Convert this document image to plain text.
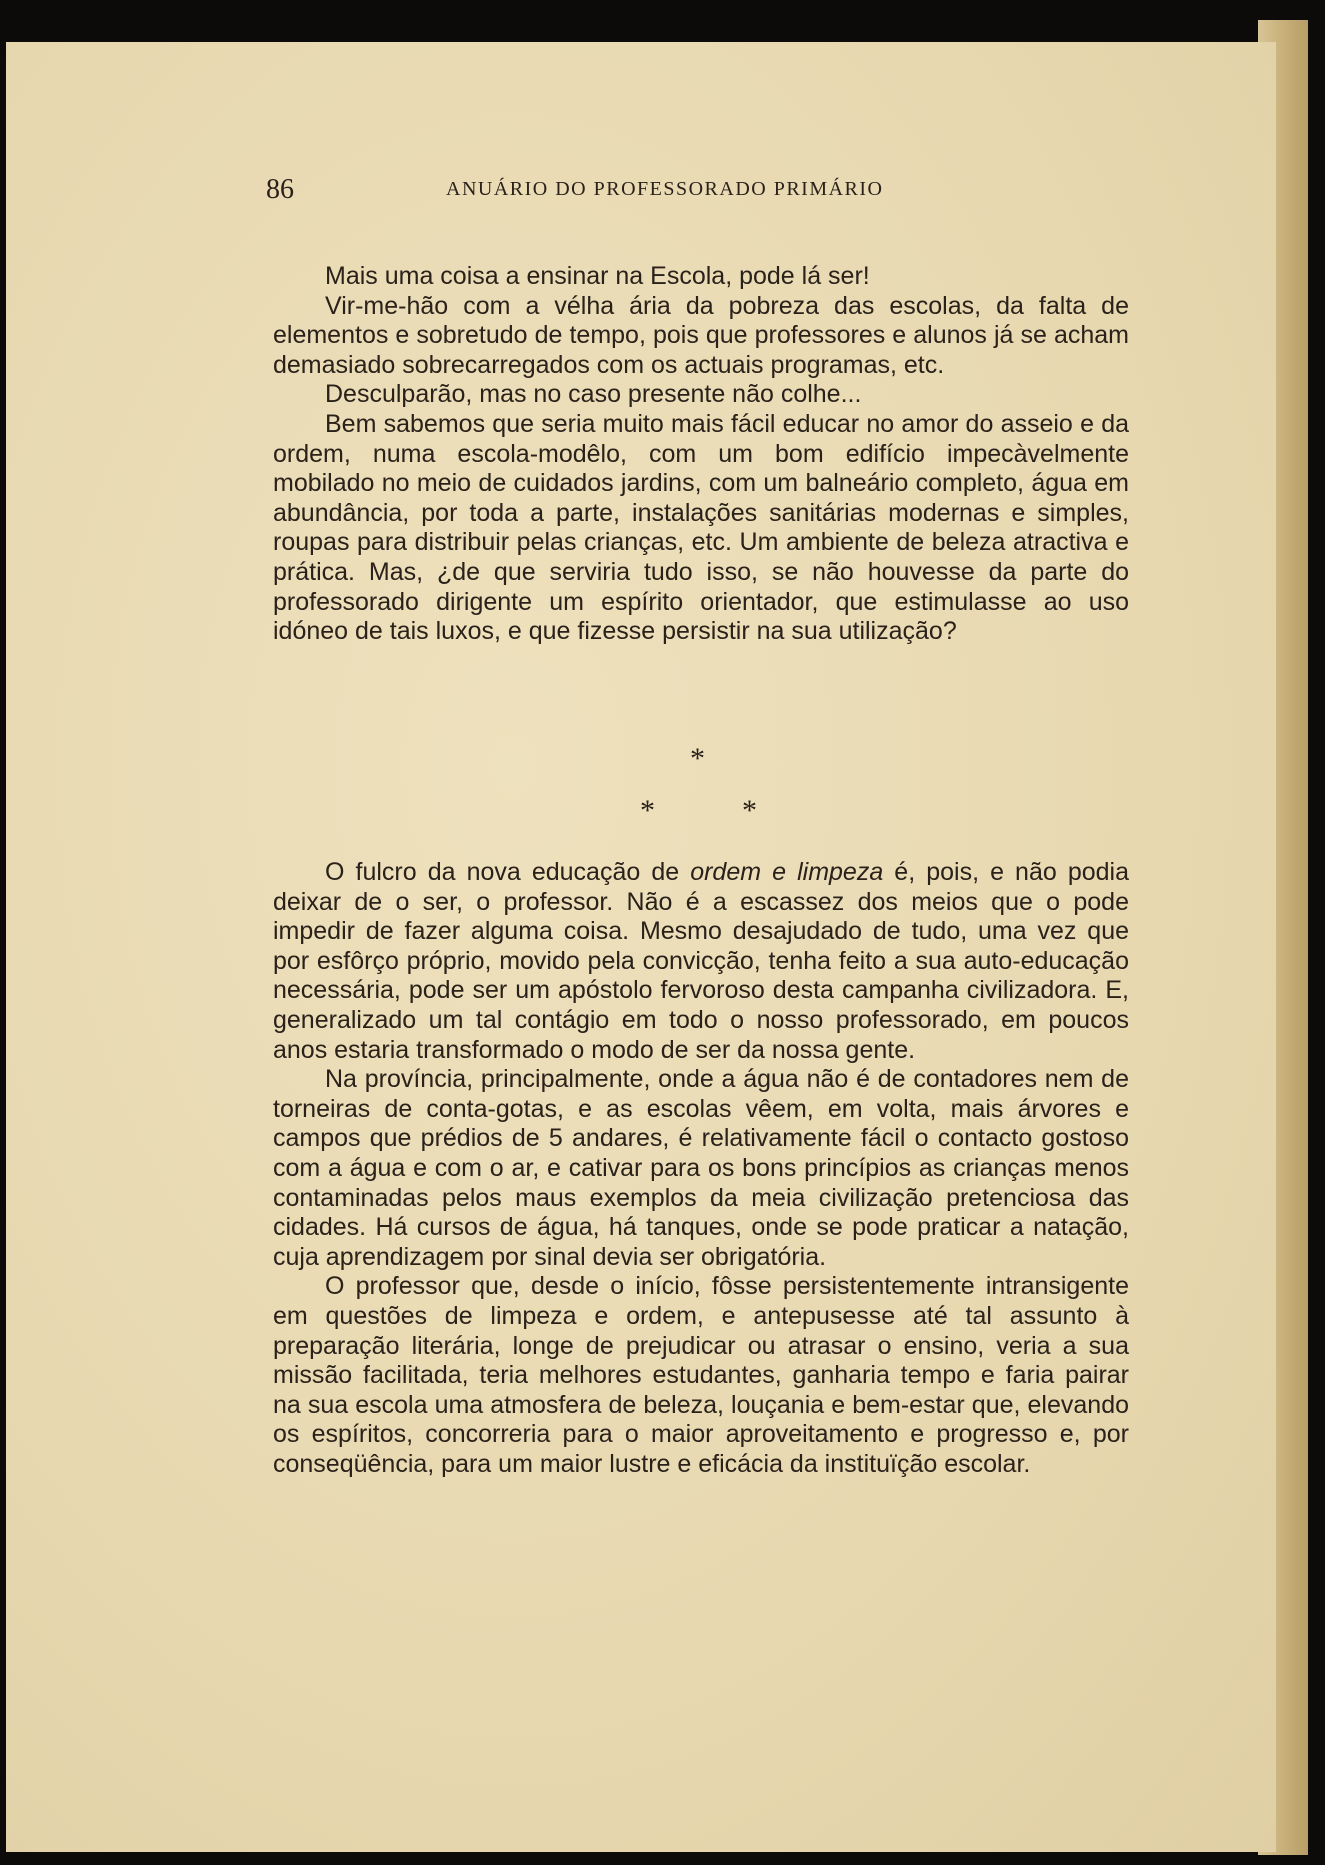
86	ANUÁRIO DO PROFESSORADO PRIMÁRIO

Mais uma coisa a ensinar na Escola, pode lá ser!

Vir-me-hão com a vélha ária da pobreza das escolas, da falta de elementos e sobretudo de tempo, pois que professores e alunos já se acham demasiado sobrecarregados com os actuais programas, etc.

Desculparão, mas no caso presente não colhe...

Bem sabemos que seria muito mais fácil educar no amor do asseio e da ordem, numa escola-modêlo, com um bom edifício impecàvelmente mobilado no meio de cuidados jardins, com um balneário completo, água em abundância, por toda a parte, instalações sanitárias modernas e simples, roupas para distribuir pelas crianças, etc. Um ambiente de beleza atractiva e prática. Mas, ¿de que serviria tudo isso, se não houvesse da parte do professorado dirigente um espírito orientador, que estimulasse ao uso idóneo de tais luxos, e que fizesse persistir na sua utilização?

*
*	*

O fulcro da nova educação de ordem e limpeza é, pois, e não podia deixar de o ser, o professor. Não é a escassez dos meios que o pode impedir de fazer alguma coisa. Mesmo desajudado de tudo, uma vez que por esfôrço próprio, movido pela convicção, tenha feito a sua auto-educação necessária, pode ser um apóstolo fervoroso desta campanha civilizadora. E, generalizado um tal contágio em todo o nosso professorado, em poucos anos estaria transformado o modo de ser da nossa gente.

Na província, principalmente, onde a água não é de contadores nem de torneiras de conta-gotas, e as escolas vêem, em volta, mais árvores e campos que prédios de 5 andares, é relativamente fácil o contacto gostoso com a água e com o ar, e cativar para os bons princípios as crianças menos contaminadas pelos maus exemplos da meia civilização pretenciosa das cidades. Há cursos de água, há tanques, onde se pode praticar a natação, cuja aprendizagem por sinal devia ser obrigatória.

O professor que, desde o início, fôsse persistentemente intransigente em questões de limpeza e ordem, e antepusesse até tal assunto à preparação literária, longe de prejudicar ou atrasar o ensino, veria a sua missão facilitada, teria melhores estudantes, ganharia tempo e faria pairar na sua escola uma atmosfera de beleza, louçania e bem-estar que, elevando os espíritos, concorreria para o maior aproveitamento e progresso e, por conseqüência, para um maior lustre e eficácia da instituïção escolar.
